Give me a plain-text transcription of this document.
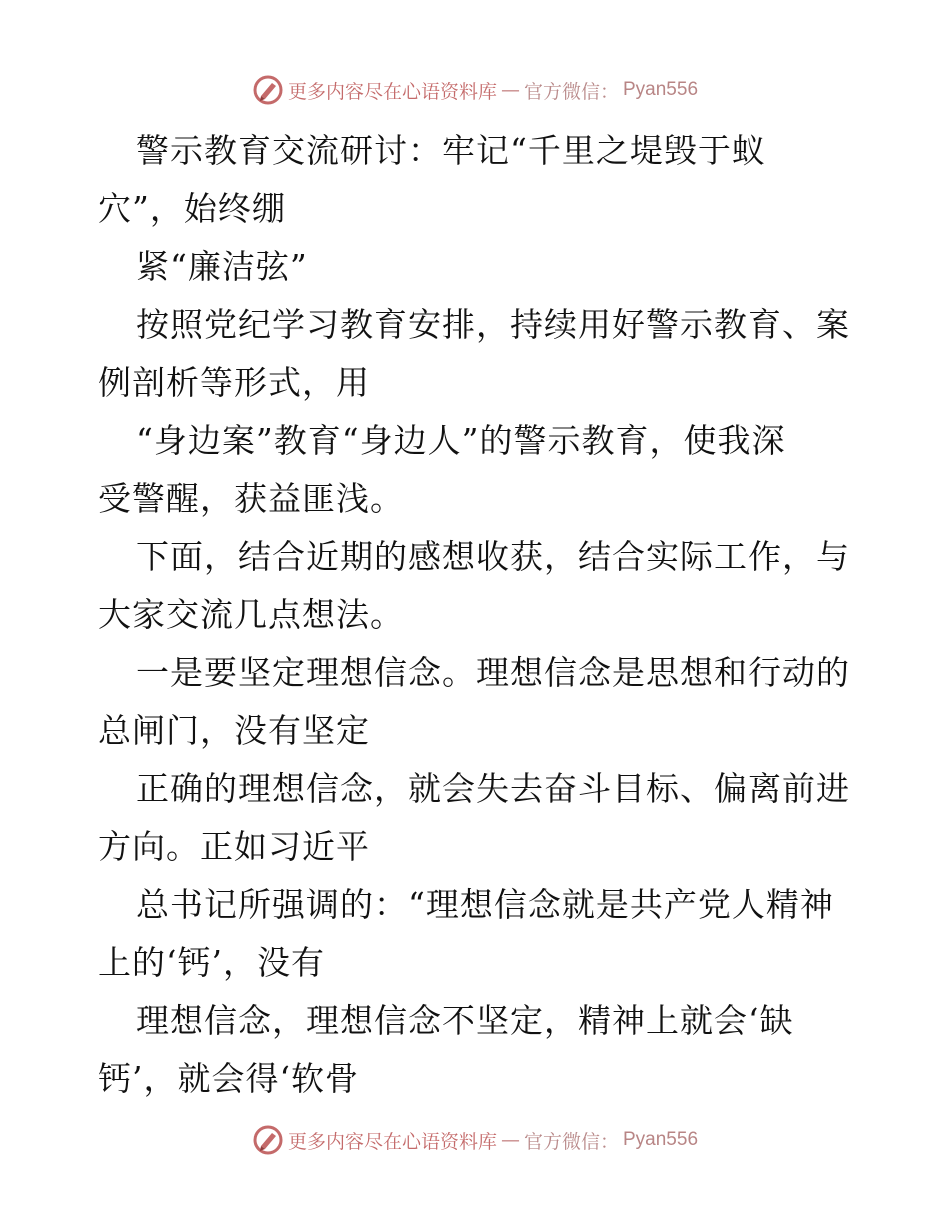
更多内容尽在心语资料库 — 官方微信： Pyan556
警示教育交流研讨：牢记“千里之堤毁于蚁
穴”，始终绷
紧“廉洁弦”
按照党纪学习教育安排，持续用好警示教育、案
例剖析等形式，用
“身边案”教育“身边人”的警示教育，使我深
受警醒，获益匪浅。
下面，结合近期的感想收获，结合实际工作，与
大家交流几点想法。
一是要坚定理想信念。理想信念是思想和行动的
总闸门，没有坚定
正确的理想信念，就会失去奋斗目标、偏离前进
方向。正如习近平
总书记所强调的：“理想信念就是共产党人精神
上的‘钙’，没有
理想信念，理想信念不坚定，精神上就会‘缺
钙’，就会得‘软骨
更多内容尽在心语资料库 — 官方微信： Pyan556
